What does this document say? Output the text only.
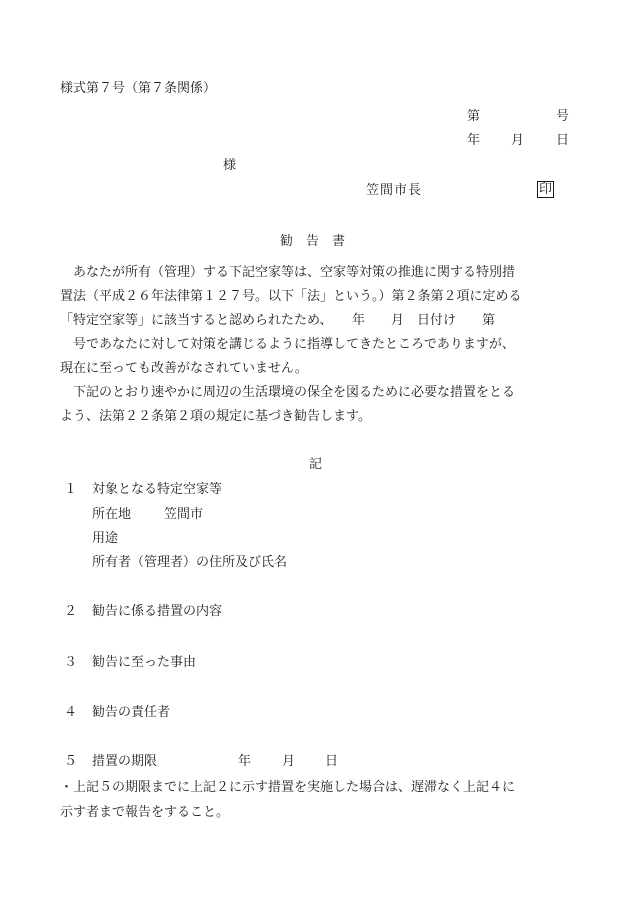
様式第７号（第７条関係）
第	号
年 月 日
様
笠間市長	印
勧　告　書
あなたが所有（管理）する下記空家等は、空家等対策の推進に関する特別措
置法（平成２６年法律第１２７号。以下「法」という。）第２条第２項に定める
「特定空家等」に該当すると認められたため、　　年　　月　日付け　　第
号であなたに対して対策を講じるように指導してきたところでありますが、
現在に至っても改善がなされていません。
下記のとおり速やかに周辺の生活環境の保全を図るために必要な措置をとる
よう、法第２２条第２項の規定に基づき勧告します。
記
１ 対象となる特定空家等
所在地	笠間市
用途
所有者（管理者）の住所及び氏名
２ 勧告に係る措置の内容
３ 勧告に至った事由
４ 勧告の責任者
５ 措置の期限	年 月 日
・上記５の期限までに上記２に示す措置を実施した場合は、遅滞なく上記４に
示す者まで報告をすること。
